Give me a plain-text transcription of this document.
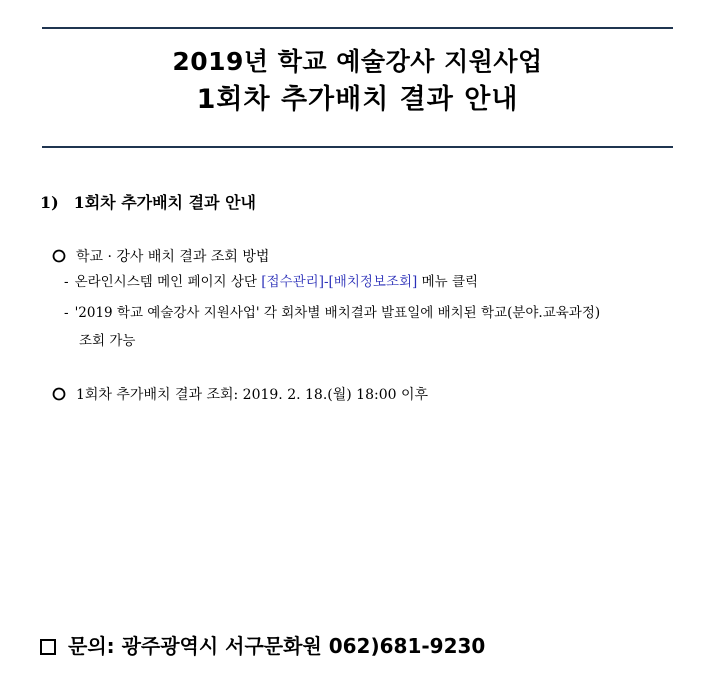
2019년 학교 예술강사 지원사업
1회차 추가배치 결과 안내
1) 1회차 추가배치 결과 안내
학교 · 강사 배치 결과 조회 방법
- 온라인시스템 메인 페이지 상단 [접수관리]-[배치정보조회] 메뉴 클릭
- '2019 학교 예술강사 지원사업' 각 회차별 배치결과 발표일에 배치된 학교(분야.교육과정)
조회 가능
1회차 추가배치 결과 조회: 2019. 2. 18.(월) 18:00 이후
문의: 광주광역시 서구문화원 062)681-9230
